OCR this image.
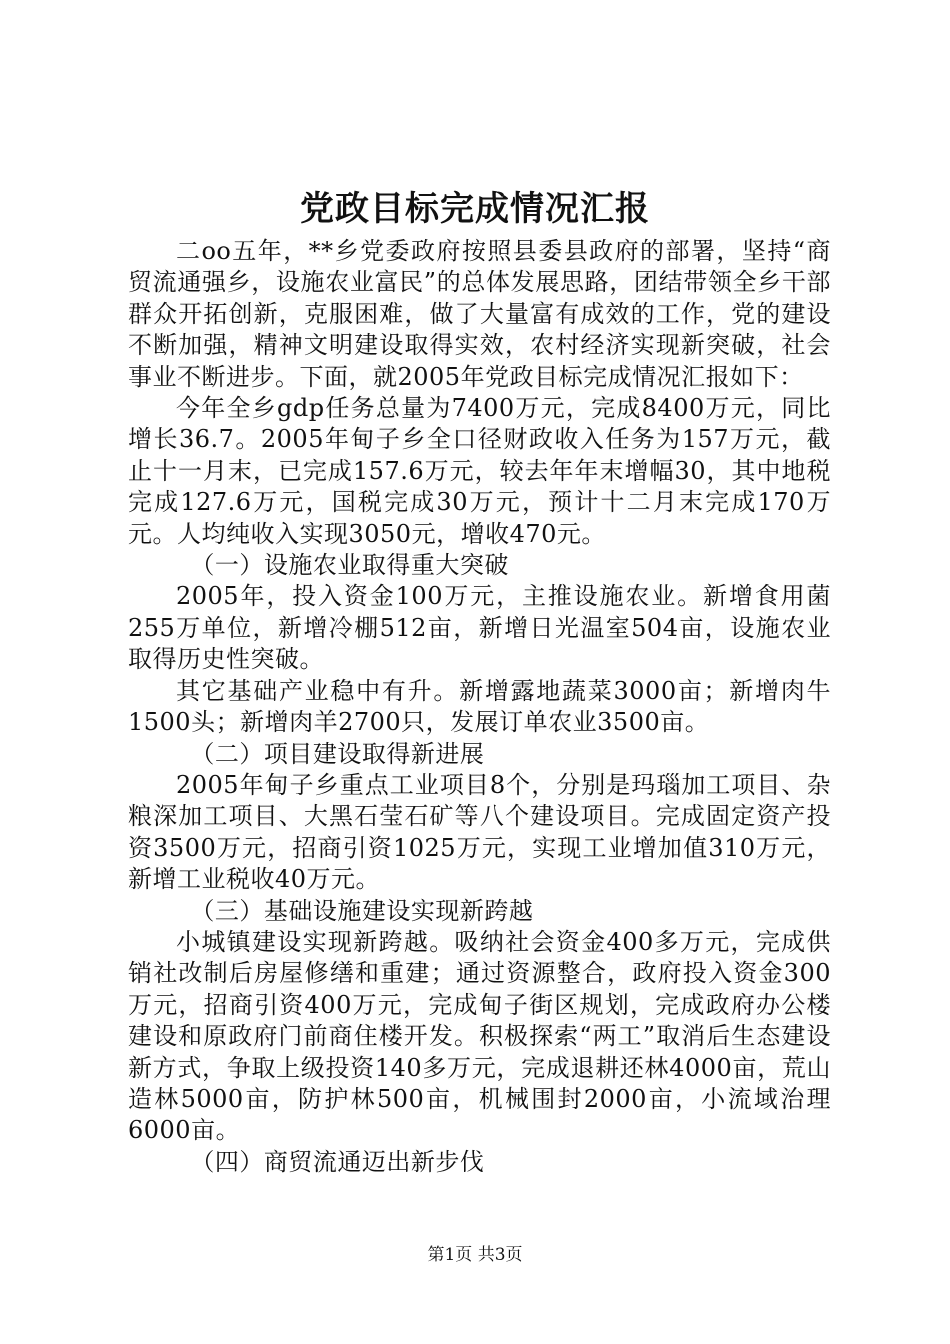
党政目标完成情况汇报

二oo五年，**乡党委政府按照县委县政府的部署，坚持“商贸流通强乡，设施农业富民”的总体发展思路，团结带领全乡干部群众开拓创新，克服困难，做了大量富有成效的工作，党的建设不断加强，精神文明建设取得实效，农村经济实现新突破，社会事业不断进步。下面，就2005年党政目标完成情况汇报如下：

今年全乡gdp任务总量为7400万元，完成8400万元，同比增长36.7。2005年甸子乡全口径财政收入任务为157万元，截止十一月末，已完成157.6万元，较去年年末增幅30，其中地税完成127.6万元，国税完成30万元，预计十二月末完成170万元。人均纯收入实现3050元，增收470元。

（一）设施农业取得重大突破

2005年，投入资金100万元，主推设施农业。新增食用菌255万单位，新增冷棚512亩，新增日光温室504亩，设施农业取得历史性突破。

其它基础产业稳中有升。新增露地蔬菜3000亩；新增肉牛1500头；新增肉羊2700只，发展订单农业3500亩。

（二）项目建设取得新进展

2005年甸子乡重点工业项目8个，分别是玛瑙加工项目、杂粮深加工项目、大黑石莹石矿等八个建设项目。完成固定资产投资3500万元，招商引资1025万元，实现工业增加值310万元，新增工业税收40万元。

（三）基础设施建设实现新跨越

小城镇建设实现新跨越。吸纳社会资金400多万元，完成供销社改制后房屋修缮和重建；通过资源整合，政府投入资金300万元，招商引资400万元，完成甸子街区规划，完成政府办公楼建设和原政府门前商住楼开发。积极探索“两工”取消后生态建设新方式，争取上级投资140多万元，完成退耕还林4000亩，荒山造林5000亩，防护林500亩，机械围封2000亩，小流域治理6000亩。

（四）商贸流通迈出新步伐

第1页 共3页
